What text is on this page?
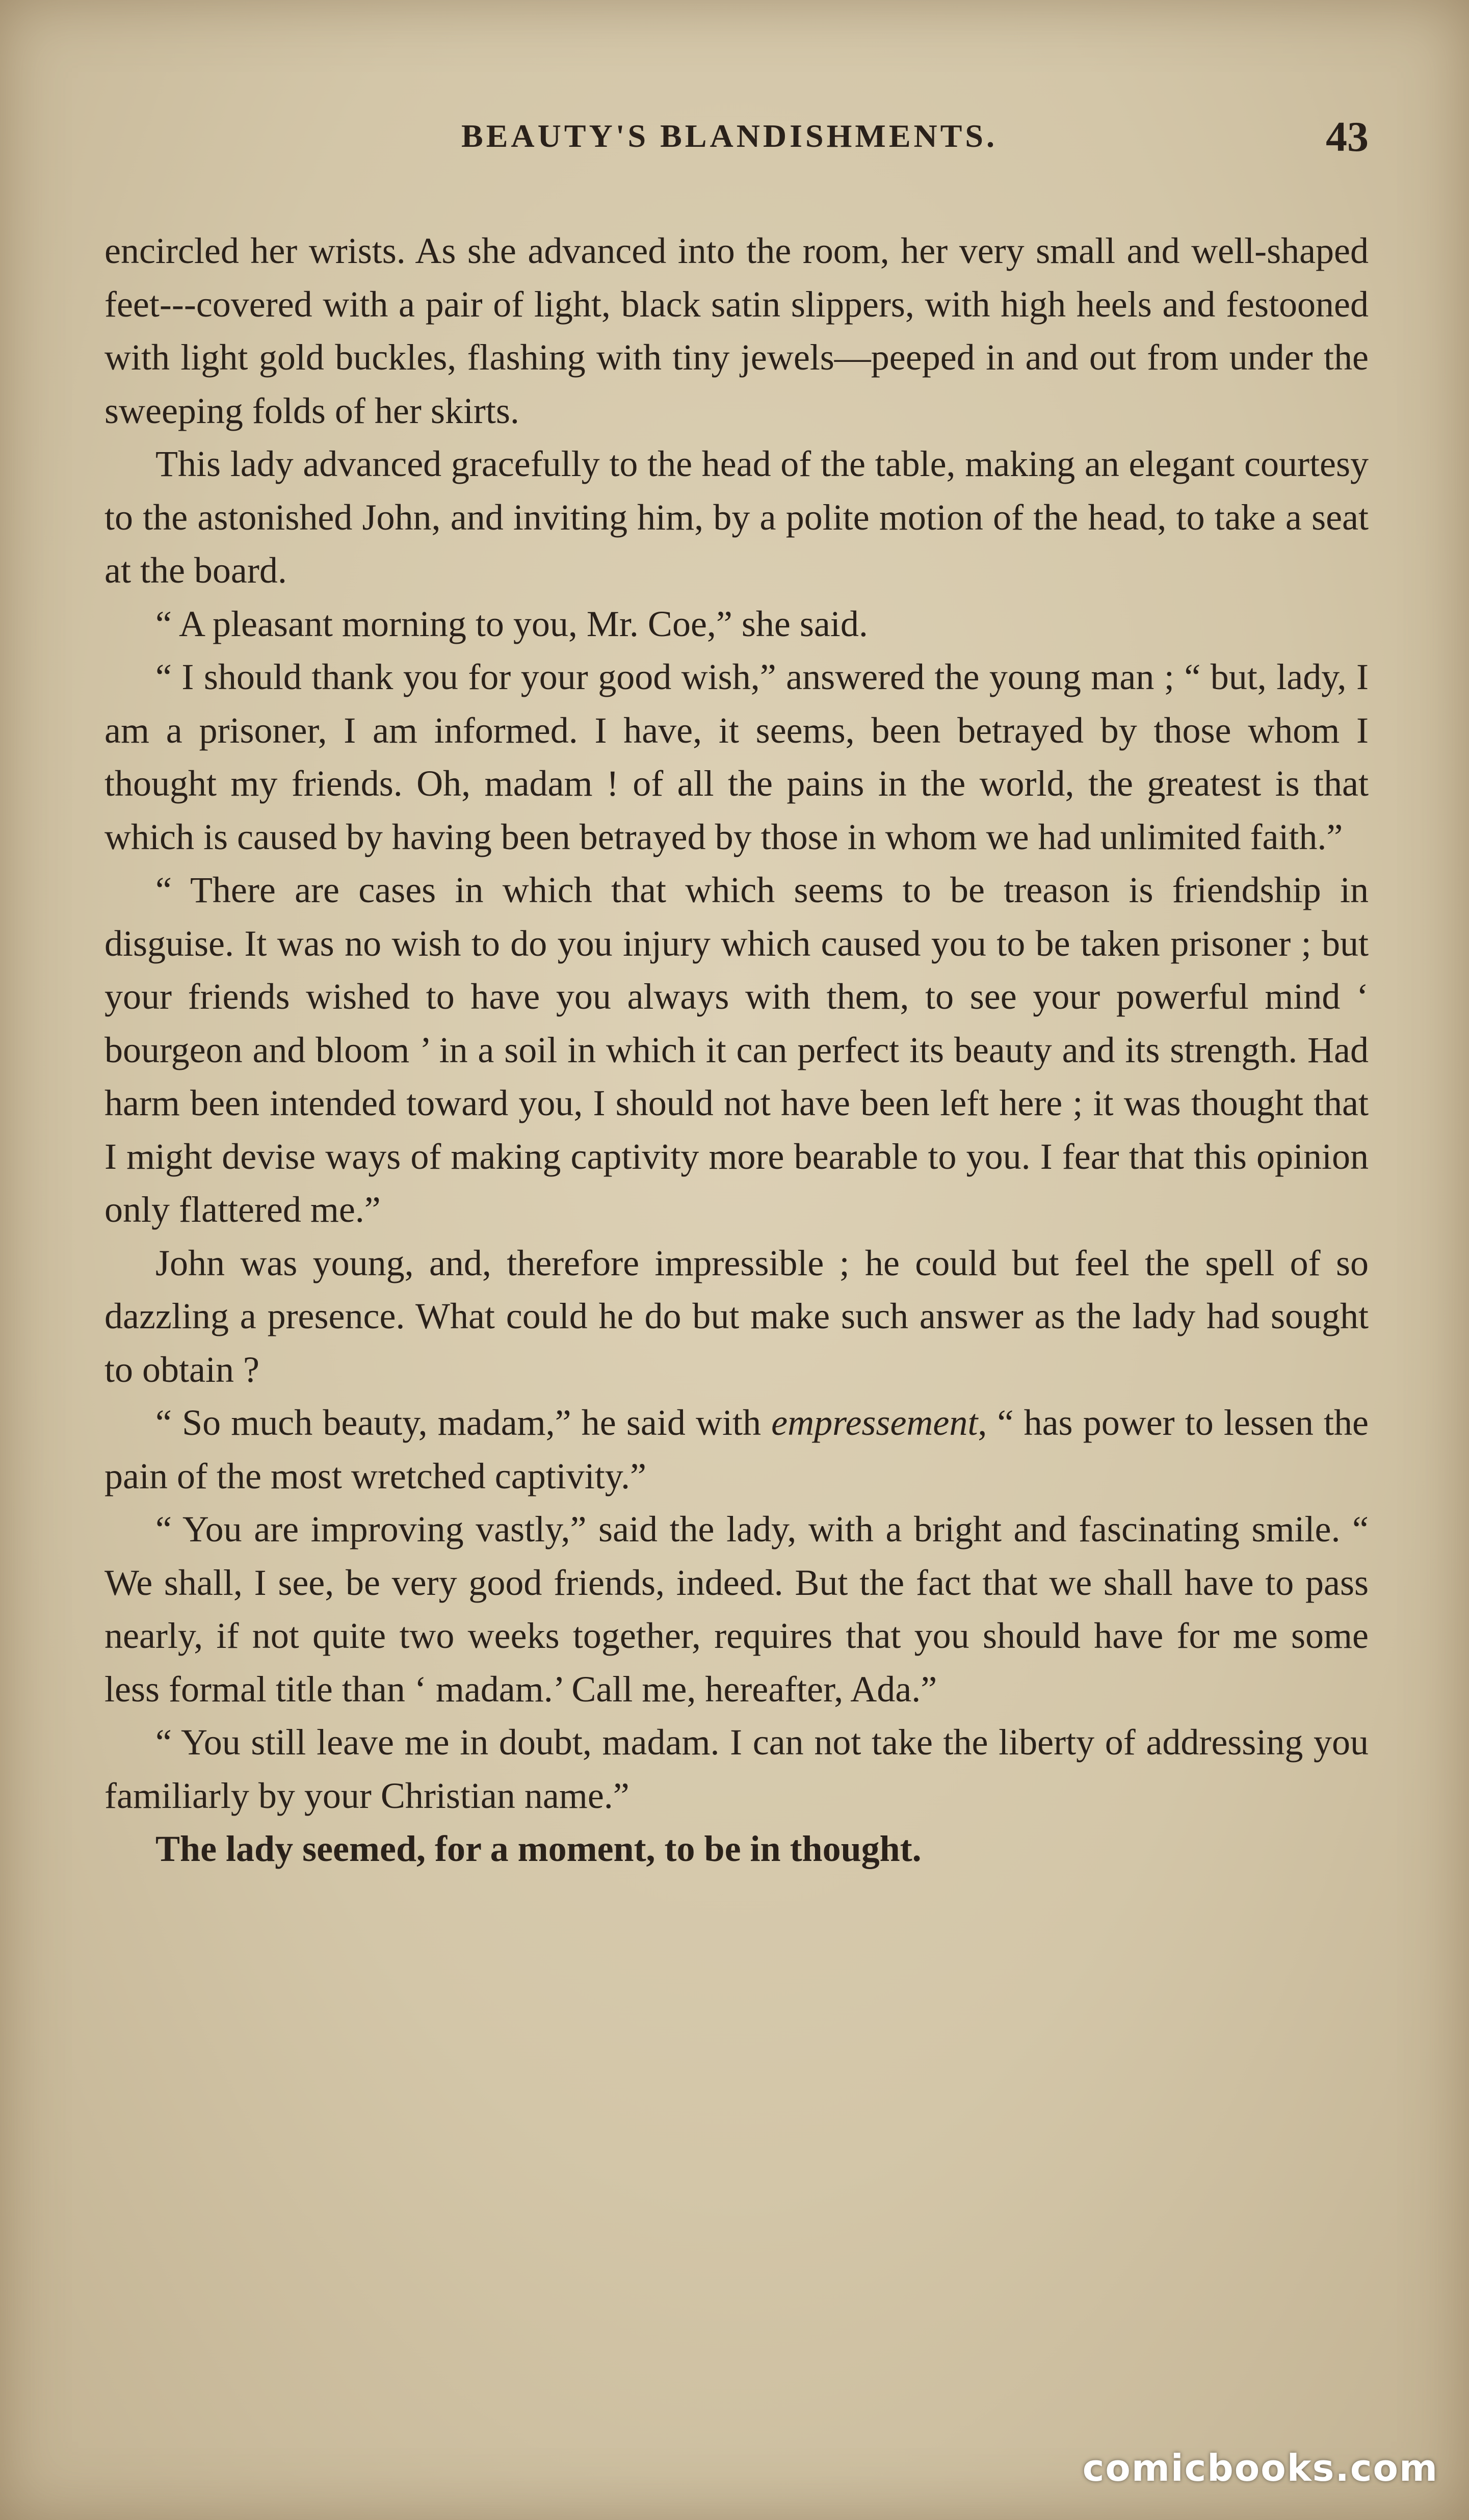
BEAUTY'S BLANDISHMENTS.	43

encircled her wrists. As she advanced into the room, her very small and well-shaped feet---covered with a pair of light, black satin slippers, with high heels and festooned with light gold buckles, flashing with tiny jewels—peeped in and out from under the sweeping folds of her skirts.

This lady advanced gracefully to the head of the table, making an elegant courtesy to the astonished John, and inviting him, by a polite motion of the head, to take a seat at the board.

“ A pleasant morning to you, Mr. Coe,” she said.

“ I should thank you for your good wish,” answered the young man ; “ but, lady, I am a prisoner, I am informed. I have, it seems, been betrayed by those whom I thought my friends. Oh, madam ! of all the pains in the world, the greatest is that which is caused by having been betrayed by those in whom we had unlimited faith.”

“ There are cases in which that which seems to be treason is friendship in disguise. It was no wish to do you injury which caused you to be taken prisoner ; but your friends wished to have you always with them, to see your powerful mind ‘ bourgeon and bloom ’ in a soil in which it can perfect its beauty and its strength. Had harm been intended toward you, I should not have been left here ; it was thought that I might devise ways of making captivity more bearable to you. I fear that this opinion only flattered me.”

John was young, and, therefore impressible ; he could but feel the spell of so dazzling a presence. What could he do but make such answer as the lady had sought to obtain ?

“ So much beauty, madam,” he said with empressement, “ has power to lessen the pain of the most wretched captivity.”

“ You are improving vastly,” said the lady, with a bright and fascinating smile. “ We shall, I see, be very good friends, indeed. But the fact that we shall have to pass nearly, if not quite two weeks together, requires that you should have for me some less formal title than ‘ madam.’ Call me, hereafter, Ada.”

“ You still leave me in doubt, madam. I can not take the liberty of addressing you familiarly by your Christian name.”

The lady seemed, for a moment, to be in thought.

comicbooks.com
